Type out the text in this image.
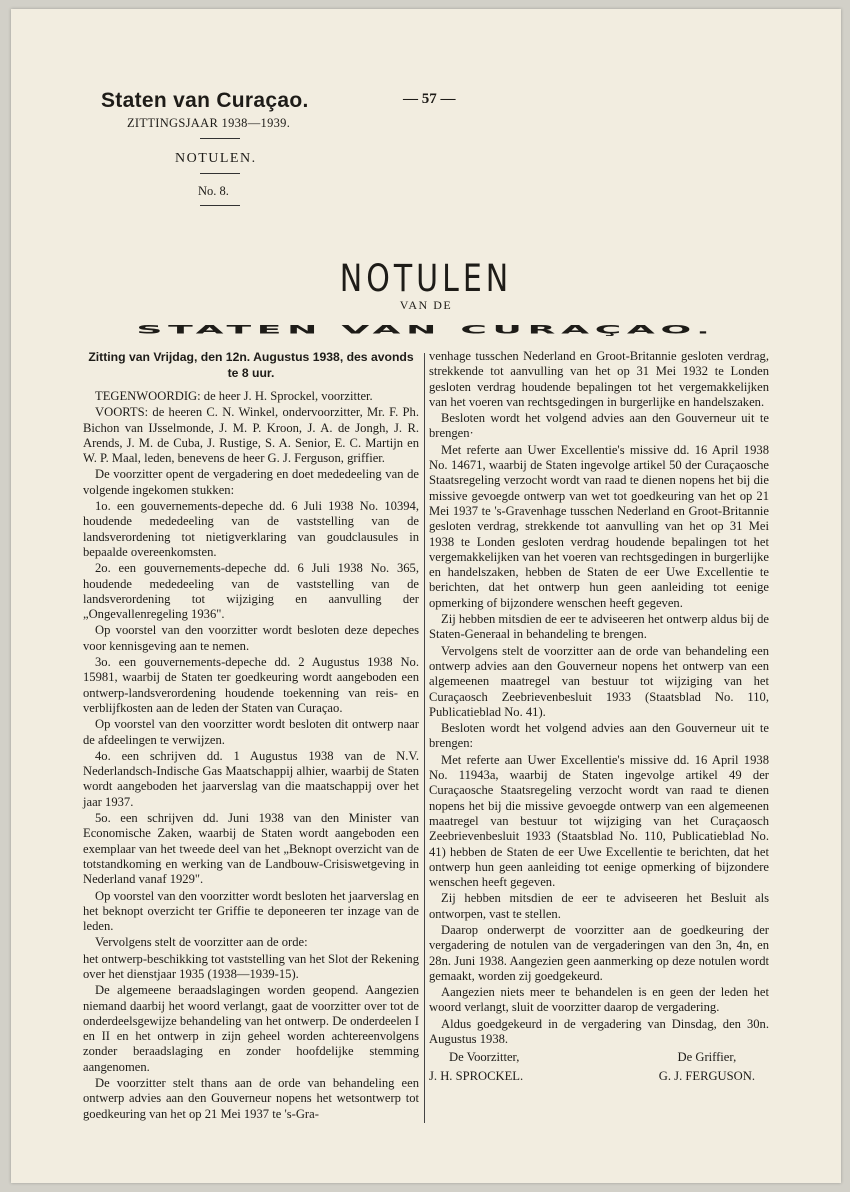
Staten van Curaçao.	— 57 —
ZITTINGSJAAR 1938—1939.
NOTULEN.
No. 8.
NOTULEN
VAN DE
STATEN VAN CURAÇAO.
Zitting van Vrijdag, den 12n. Augustus 1938, des avonds te 8 uur.

TEGENWOORDIG: de heer J. H. Sprockel, voorzitter.

VOORTS: de heeren C. N. Winkel, ondervoorzitter, Mr. F. Ph. Bichon van IJsselmonde, J. M. P. Kroon, J. A. de Jongh, J. R. Arends, J. M. de Cuba, J. Rustige, S. A. Senior, E. C. Martijn en W. P. Maal, leden, benevens de heer G. J. Ferguson, griffier.

De voorzitter opent de vergadering en doet mededeeling van de volgende ingekomen stukken:

1o. een gouvernements-depeche dd. 6 Juli 1938 No. 10394, houdende mededeeling van de vaststelling van de landsverordening tot nietigverklaring van goudclausules in bepaalde overeenkomsten.

2o. een gouvernements-depeche dd. 6 Juli 1938 No. 365, houdende mededeeling van de vaststelling van de landsverordening tot wijziging en aanvulling der „Ongevallenregeling 1936".

Op voorstel van den voorzitter wordt besloten deze depeches voor kennisgeving aan te nemen.

3o. een gouvernements-depeche dd. 2 Augustus 1938 No. 15981, waarbij de Staten ter goedkeuring wordt aangeboden een ontwerp-landsverordening houdende toekenning van reis- en verblijfkosten aan de leden der Staten van Curaçao.

Op voorstel van den voorzitter wordt besloten dit ontwerp naar de afdeelingen te verwijzen.

4o. een schrijven dd. 1 Augustus 1938 van de N.V. Nederlandsch-Indische Gas Maatschappij alhier, waarbij de Staten wordt aangeboden het jaarverslag van die maatschappij over het jaar 1937.

5o. een schrijven dd. Juni 1938 van den Minister van Economische Zaken, waarbij de Staten wordt aangeboden een exemplaar van het tweede deel van het „Beknopt overzicht van de totstandkoming en werking van de Landbouw-Crisiswetgeving in Nederland vanaf 1929".

Op voorstel van den voorzitter wordt besloten het jaarverslag en het beknopt overzicht ter Griffie te deponeeren ter inzage van de leden.

Vervolgens stelt de voorzitter aan de orde:

het ontwerp-beschikking tot vaststelling van het Slot der Rekening over het dienstjaar 1935 (1938—1939-15).

De algemeene beraadslagingen worden geopend. Aangezien niemand daarbij het woord verlangt, gaat de voorzitter over tot de onderdeelsgewijze behandeling van het ontwerp. De onderdeelen I en II en het ontwerp in zijn geheel worden achtereenvolgens zonder beraadslaging en zonder hoofdelijke stemming aangenomen.

De voorzitter stelt thans aan de orde van behandeling een ontwerp advies aan den Gouverneur nopens het wetsontwerp tot goedkeuring van het op 21 Mei 1937 te 's-Gra-

venhage tusschen Nederland en Groot-Britannie gesloten verdrag, strekkende tot aanvulling van het op 31 Mei 1932 te Londen gesloten verdrag houdende bepalingen tot het vergemakkelijken van het voeren van rechtsgedingen in burgerlijke en handelszaken.

Besloten wordt het volgend advies aan den Gouverneur uit te brengen·

Met referte aan Uwer Excellentie's missive dd. 16 April 1938 No. 14671, waarbij de Staten ingevolge artikel 50 der Curaçaosche Staatsregeling verzocht wordt van raad te dienen nopens het bij die missive gevoegde ontwerp van wet tot goedkeuring van het op 21 Mei 1937 te 's-Gravenhage tusschen Nederland en Groot-Britannie gesloten verdrag, strekkende tot aanvulling van het op 31 Mei 1938 te Londen gesloten verdrag houdende bepalingen tot het vergemakkelijken van het voeren van rechtsgedingen in burgerlijke en handelszaken, hebben de Staten de eer Uwe Excellentie te berichten, dat het ontwerp hun geen aanleiding tot eenige opmerking of bijzondere wenschen heeft gegeven.

Zij hebben mitsdien de eer te adviseeren het ontwerp aldus bij de Staten-Generaal in behandeling te brengen.

Vervolgens stelt de voorzitter aan de orde van behandeling een ontwerp advies aan den Gouverneur nopens het ontwerp van een algemeenen maatregel van bestuur tot wijziging van het Curaçaosch Zeebrievenbesluit 1933 (Staatsblad No. 110, Publicatieblad No. 41).

Besloten wordt het volgend advies aan den Gouverneur uit te brengen:

Met referte aan Uwer Excellentie's missive dd. 16 April 1938 No. 11943a, waarbij de Staten ingevolge artikel 49 der Curaçaosche Staatsregeling verzocht wordt van raad te dienen nopens het bij die missive gevoegde ontwerp van een algemeenen maatregel van bestuur tot wijziging van het Curaçaosch Zeebrievenbesluit 1933 (Staatsblad No. 110, Publicatieblad No. 41) hebben de Staten de eer Uwe Excellentie te berichten, dat het ontwerp hun geen aanleiding tot eenige opmerking of bijzondere wenschen heeft gegeven.

Zij hebben mitsdien de eer te adviseeren het Besluit als ontworpen, vast te stellen.

Daarop onderwerpt de voorzitter aan de goedkeuring der vergadering de notulen van de vergaderingen van den 3n, 4n, en 28n. Juni 1938. Aangezien geen aanmerking op deze notulen wordt gemaakt, worden zij goedgekeurd.

Aangezien niets meer te behandelen is en geen der leden het woord verlangt, sluit de voorzitter daarop de vergadering.

Aldus goedgekeurd in de vergadering van Dinsdag, den 30n. Augustus 1938.

De Voorzitter,
J. H. SPROCKEL.
De Griffier,
G. J. FERGUSON.
